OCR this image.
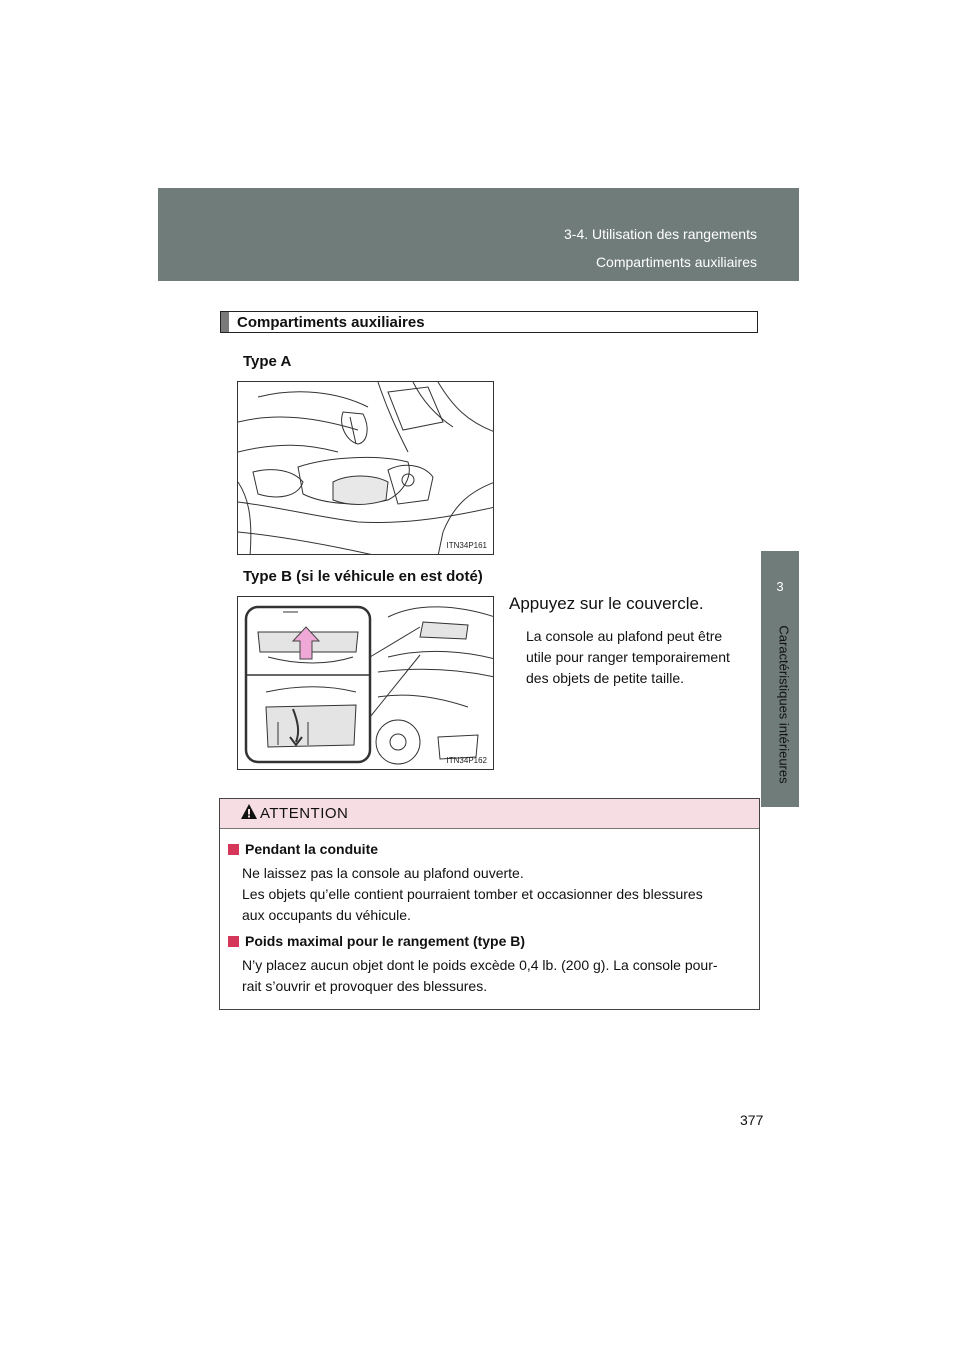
3-4. Utilisation des rangements
Compartiments auxiliaires
3
Caractéristiques intérieures
Compartiments auxiliaires
Type A
ITN34P161
Type B (si le véhicule en est doté)
ITN34P162
Appuyez sur le couvercle.
La console au plafond peut être
utile pour ranger temporairement
des objets de petite taille.
ATTENTION
Pendant la conduite
Ne laissez pas la console au plafond ouverte.
Les objets qu’elle contient pourraient tomber et occasionner des blessures
aux occupants du véhicule.
Poids maximal pour le rangement (type B)
N’y placez aucun objet dont le poids excède 0,4 lb. (200 g). La console pour-
rait s’ouvrir et provoquer des blessures.
377
